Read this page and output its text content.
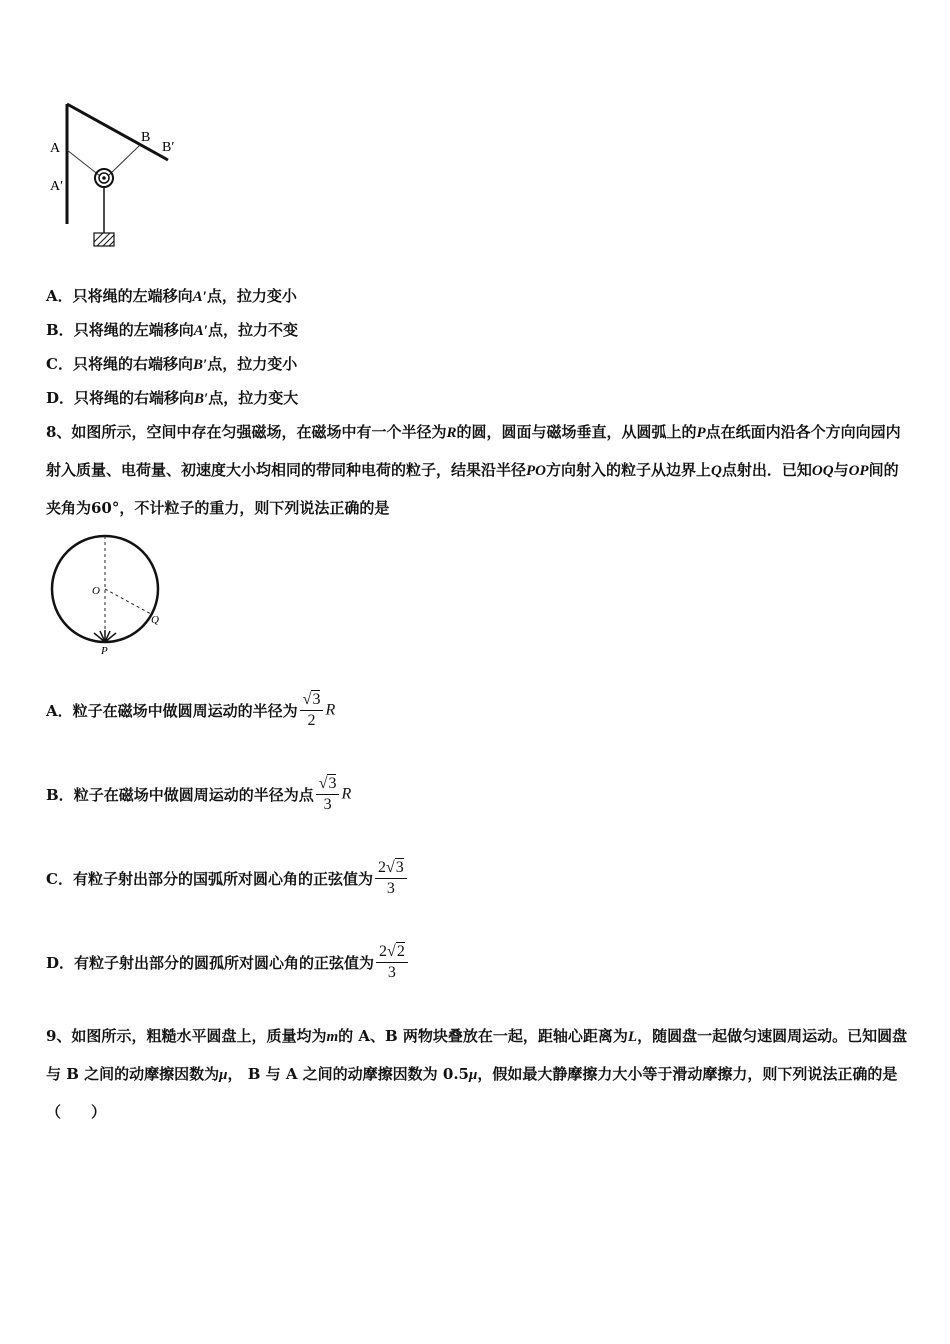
A
A′
B
B′
A．只将绳的左端移向A′点，拉力变小
B．只将绳的左端移向A′点，拉力不变
C．只将绳的右端移向B′点，拉力变小
D．只将绳的右端移向B′点，拉力变大
8、如图所示，空间中存在匀强磁场，在磁场中有一个半径为R的圆，圆面与磁场垂直，从圆弧上的P点在纸面内沿各个方向向园内射入质量、电荷量、初速度大小均相同的带同种电荷的粒子，结果沿半径PO方向射入的粒子从边界上Q点射出．已知OQ与OP间的夹角为60°，不计粒子的重力，则下列说法正确的是
O
Q
P
A．粒子在磁场中做圆周运动的半径为 $\frac{√3}{2}$ R
B．粒子在磁场中做圆周运动的半径为点 $\frac{√3}{3}$ R
C．有粒子射出部分的国弧所对圆心角的正弦值为 $\frac{2√3}{3}$
D．有粒子射出部分的圆孤所对圆心角的正弦值为 $\frac{2√2}{3}$
9、如图所示，粗糙水平圆盘上，质量均为m的 A、B 两物块叠放在一起，距轴心距离为L，随圆盘一起做匀速圆周运动。已知圆盘与 B 之间的动摩擦因数为μ， B 与 A 之间的动摩擦因数为 0.5μ，假如最大静摩擦力大小等于滑动摩擦力，则下列说法正确的是（　　）
